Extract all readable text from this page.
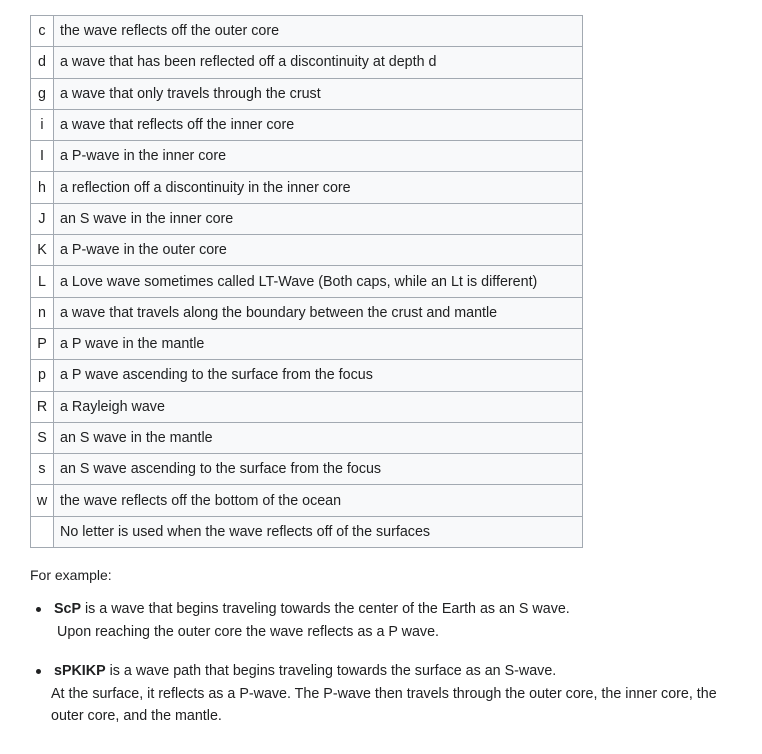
c	the wave reflects off the outer core
d	a wave that has been reflected off a discontinuity at depth d
g	a wave that only travels through the crust
i	a wave that reflects off the inner core
I	a P-wave in the inner core
h	a reflection off a discontinuity in the inner core
J	an S wave in the inner core
K	a P-wave in the outer core
L	a Love wave sometimes called LT-Wave (Both caps, while an Lt is different)
n	a wave that travels along the boundary between the crust and mantle
P	a P wave in the mantle
p	a P wave ascending to the surface from the focus
R	a Rayleigh wave
S	an S wave in the mantle
s	an S wave ascending to the surface from the focus
w	the wave reflects off the bottom of the ocean
	No letter is used when the wave reflects off of the surfaces

For example:

ScP is a wave that begins traveling towards the center of the Earth as an S wave.
Upon reaching the outer core the wave reflects as a P wave.
sPKIKP is a wave path that begins traveling towards the surface as an S-wave.
At the surface, it reflects as a P-wave. The P-wave then travels through the outer core, the inner core, the outer core, and the mantle.
